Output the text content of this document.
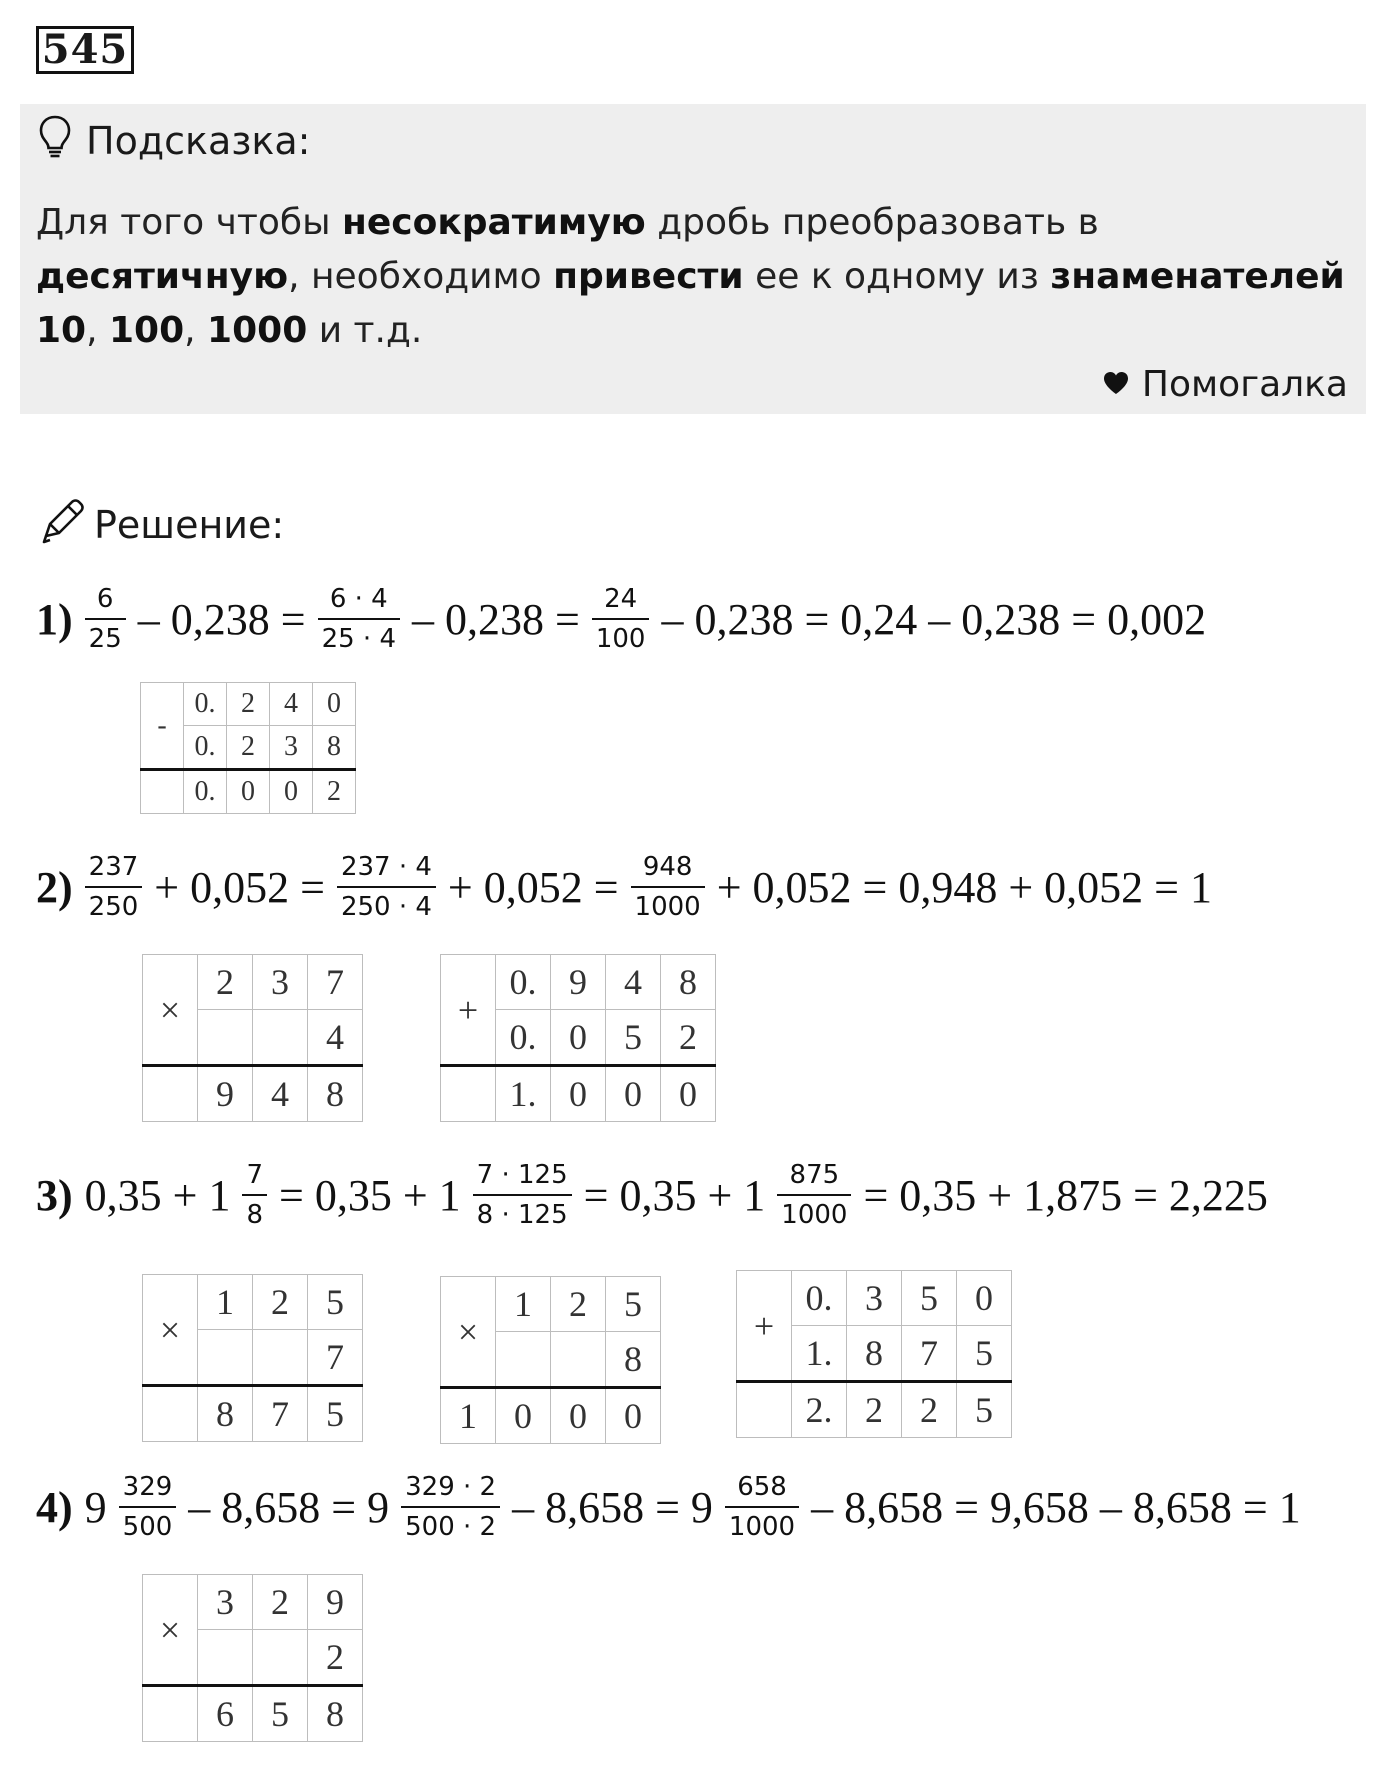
545
Подсказка:
Для того чтобы несократимую дробь преобразовать в десятичную, необходимо привести ее к одному из знаменателей 10, 100, 1000 и т.д.
Помогалка
Решение:
$1) \frac{6}{25} - 0,238 = \frac{6 \cdot 4}{25 \cdot 4} - 0,238 = \frac{24}{100} - 0,238 = 0,24 - 0,238 = 0,002$
$2) \frac{237}{250} + 0,052 = \frac{237 \cdot 4}{250 \cdot 4} + 0,052 = \frac{948}{1000} + 0,052 = 0,948 + 0,052 = 1$
3) $0,35 + 1 \frac{7}{8} = 0,35 + 1 \frac{7 \cdot 125}{8 \cdot 125} = 0,35 + 1 \frac{875}{1000} = 0,35 + 1,875 = 2,225$
4) $9 \frac{329}{500} - 8,658 = 9 \frac{329 \cdot 2}{500 \cdot 2} - 8,658 = 9 \frac{658}{1000} - 8,658 = 9,658 - 8,658 = 1$
-	0.	2	4	0
	0.	2	3	8
	0.	0	0	2
×	2	3	7
			4
	9	4	8
+	0.	9	4	8
	0.	0	5	2
	1.	0	0	0
×	1	2	5
			7
	8	7	5
×	1	2	5
			8
1	0	0	0
+	0.	3	5	0
	1.	8	7	5
	2.	2	2	5
×	3	2	9
			2
	6	5	8
